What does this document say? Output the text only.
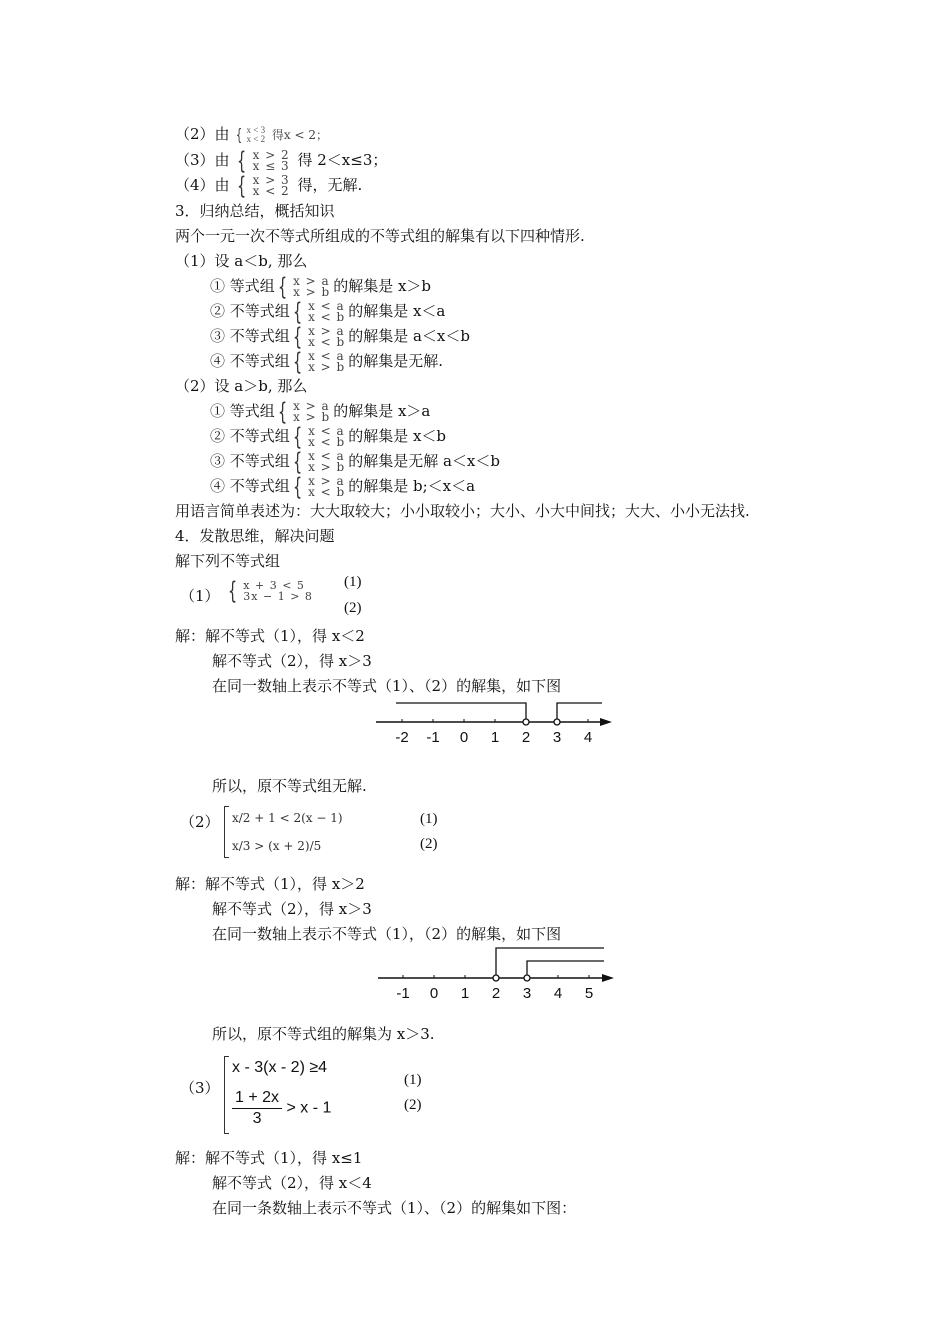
（2）由 { x < 3
x < 2 得x < 2；
（3）由 { x > 2
x ≤ 3 得 2＜x≤3；
（4）由 { x > 3
x < 2 得，无解.
3．归纳总结，概括知识
两个一元一次不等式所组成的不等式组的解集有以下四种情形.
（1）设 a＜b, 那么
① 等式组 { x > a
x > b 的解集是 x＞b
② 不等式组 { x < a
x < b 的解集是 x＜a
③ 不等式组 { x > a
x < b 的解集是 a＜x＜b
④ 不等式组 { x < a
x > b 的解集是无解.
（2）设 a＞b, 那么
① 等式组 { x > a
x > b 的解集是 x＞a
② 不等式组 { x < a
x < b 的解集是 x＜b
③ 不等式组 { x < a
x > b 的解集是无解 a＜x＜b
④ 不等式组 { x > a
x < b 的解集是 b;＜x＜a
用语言简单表述为：大大取较大；小小取较小；大小、小大中间找；大大、小小无法找.
4．发散思维，解决问题
解下列不等式组
（1） { x + 3 < 5
3x − 1 > 8
(1)
(2)
解：解不等式（1），得 x＜2
解不等式（2），得 x＞3
在同一数轴上表示不等式（1）、（2）的解集，如下图
-2 -1 0 1 2 3 4
所以，原不等式组无解.
（2） x/2 + 1 < 2(x − 1)
x/3 > (x + 2)/5
(1)
(2)
解：解不等式（1），得 x＞2
解不等式（2），得 x＞3
在同一数轴上表示不等式（1），（2）的解集，如下图
-1 0 1 2 3 4 5
所以，原不等式组的解集为 x＞3.
（3）
x - 3(x - 2) ≥4
$\frac{1 + 2x}{3} > x - 1$
(1)
(2)
解：解不等式（1），得 x≤1
解不等式（2），得 x＜4
在同一条数轴上表示不等式（1）、（2）的解集如下图：
